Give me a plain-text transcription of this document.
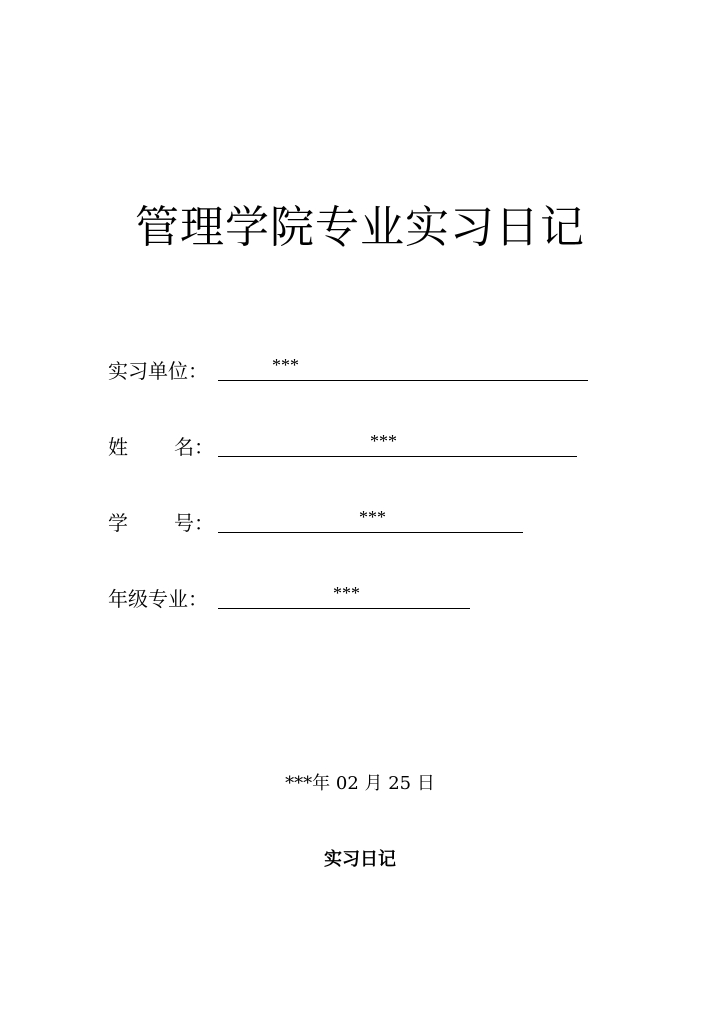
管理学院专业实习日记
实习单位：	***
姓 名：	***
学 号：	***
年级专业：	***
***年 02 月 25 日
实习日记
